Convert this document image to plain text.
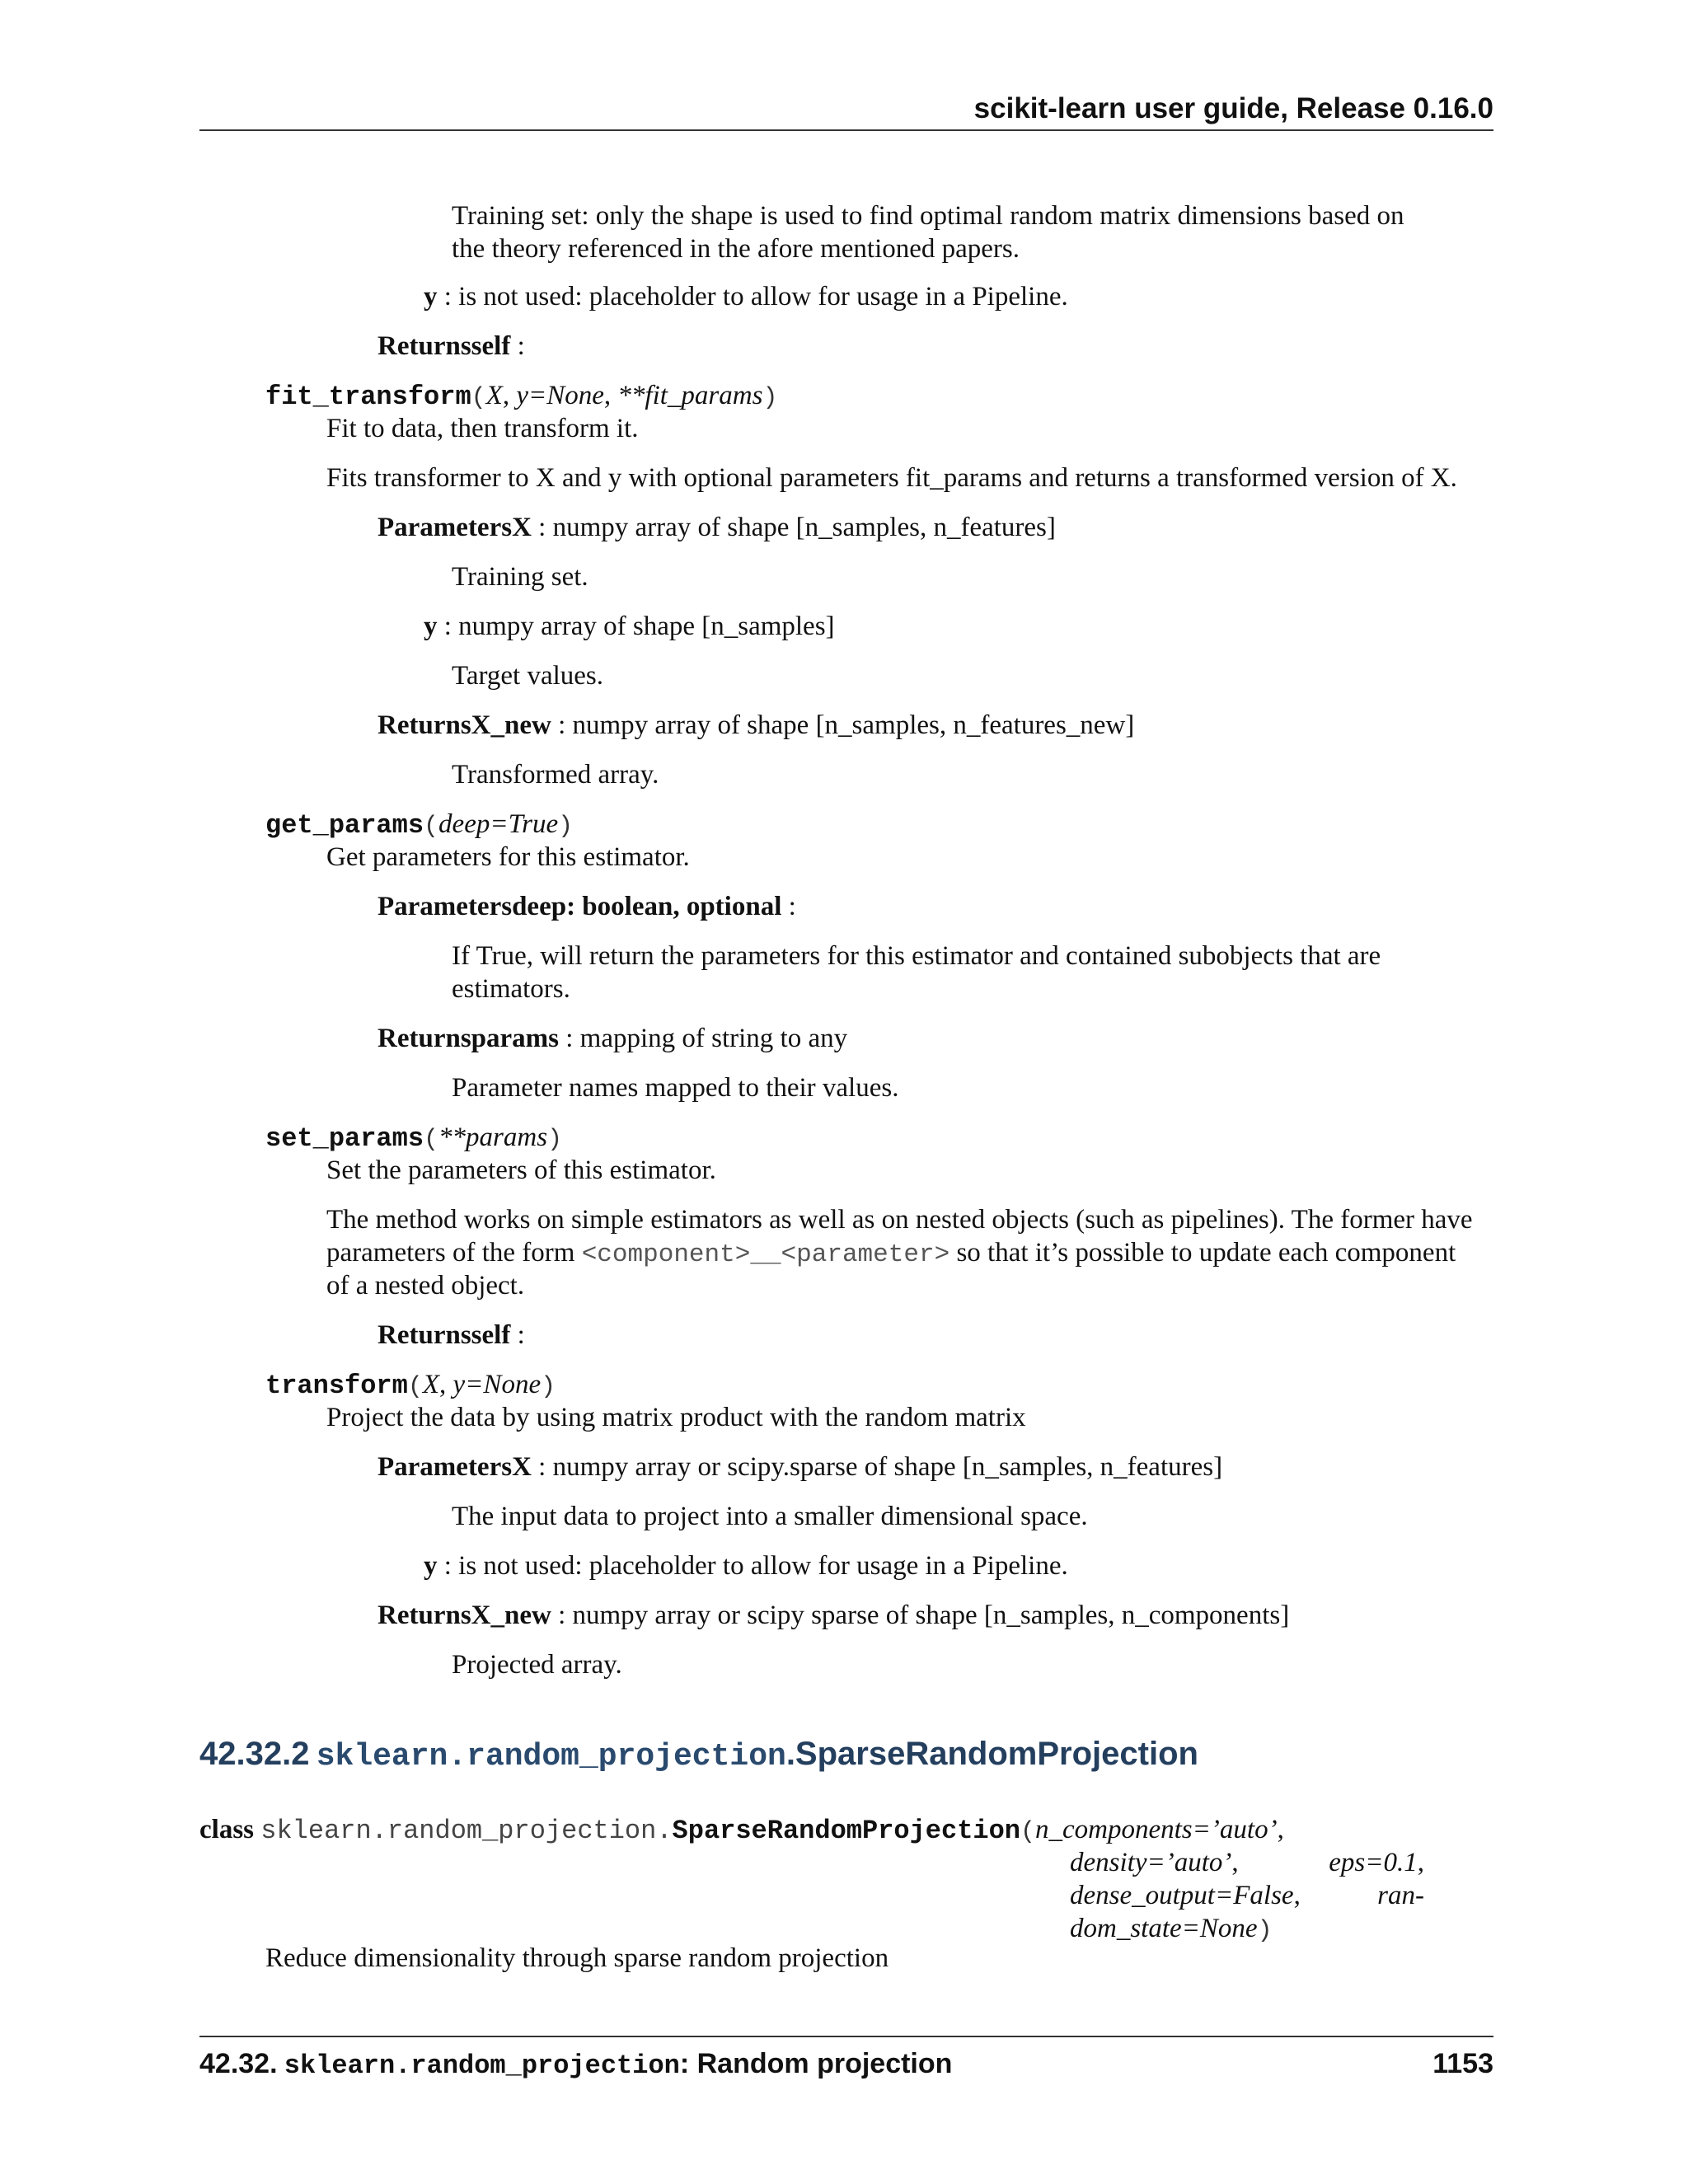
scikit-learn user guide, Release 0.16.0
Training set: only the shape is used to find optimal random matrix dimensions based on
the theory referenced in the afore mentioned papers.
y : is not used: placeholder to allow for usage in a Pipeline.
Returnsself :
fit_transform(X, y=None, **fit_params)
Fit to data, then transform it.
Fits transformer to X and y with optional parameters fit_params and returns a transformed version of X.
ParametersX : numpy array of shape [n_samples, n_features]
Training set.
y : numpy array of shape [n_samples]
Target values.
ReturnsX_new : numpy array of shape [n_samples, n_features_new]
Transformed array.
get_params(deep=True)
Get parameters for this estimator.
Parametersdeep: boolean, optional :
If True, will return the parameters for this estimator and contained subobjects that are
estimators.
Returnsparams : mapping of string to any
Parameter names mapped to their values.
set_params(**params)
Set the parameters of this estimator.
The method works on simple estimators as well as on nested objects (such as pipelines). The former have
parameters of the form <component>__<parameter> so that it’s possible to update each component
of a nested object.
Returnsself :
transform(X, y=None)
Project the data by using matrix product with the random matrix
ParametersX : numpy array or scipy.sparse of shape [n_samples, n_features]
The input data to project into a smaller dimensional space.
y : is not used: placeholder to allow for usage in a Pipeline.
ReturnsX_new : numpy array or scipy sparse of shape [n_samples, n_components]
Projected array.
42.32.2 sklearn.random_projection.SparseRandomProjection
class sklearn.random_projection.SparseRandomProjection(n_components=’auto’,
density=’auto’,	eps=0.1,
dense_output=False,	ran-
dom_state=None)
Reduce dimensionality through sparse random projection
42.32. sklearn.random_projection: Random projection	1153
